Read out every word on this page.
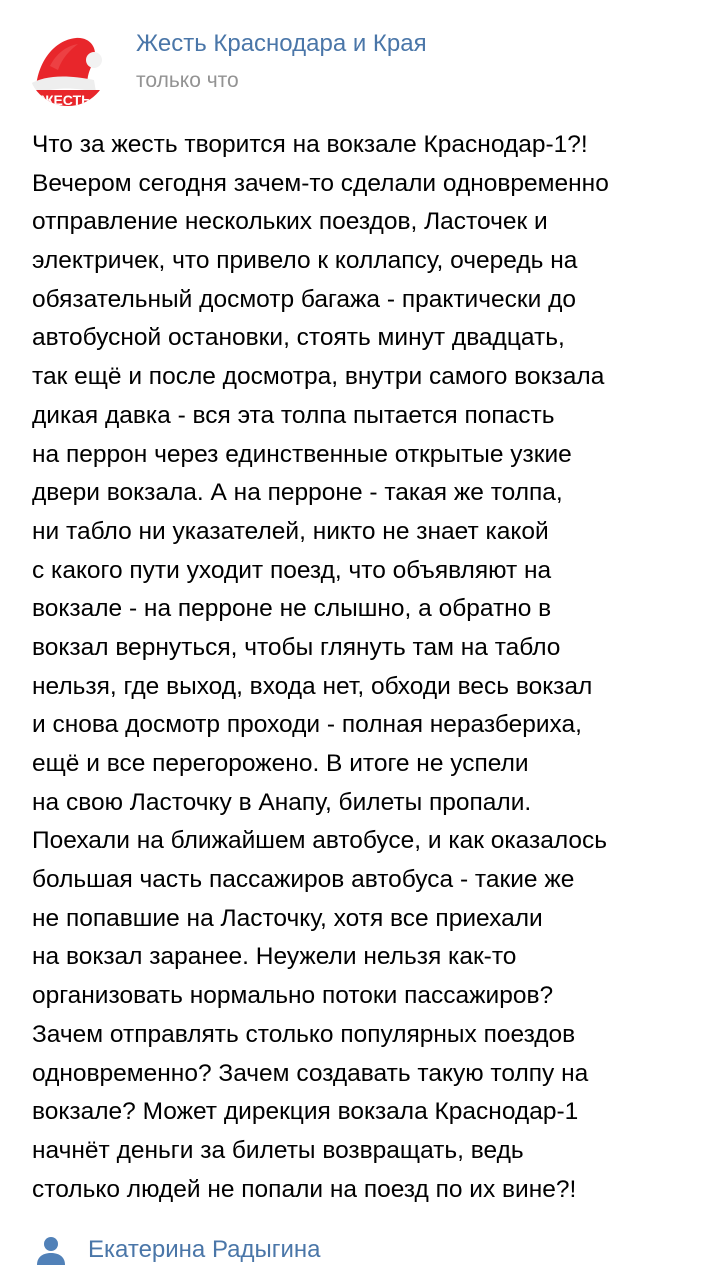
ЖЕСТЬ
Жесть Краснодара и Края
только что
Что за жесть творится на вокзале Краснодар-1?!
Вечером сегодня зачем-то сделали одновременно
отправление нескольких поездов, Ласточек и
электричек, что привело к коллапсу, очередь на
обязательный досмотр багажа - практически до
автобусной остановки, стоять минут двадцать,
так ещё и после досмотра, внутри самого вокзала
дикая давка - вся эта толпа пытается попасть
на перрон через единственные открытые узкие
двери вокзала. А на перроне - такая же толпа,
ни табло ни указателей, никто не знает какой
с какого пути уходит поезд, что объявляют на
вокзале - на перроне не слышно, а обратно в
вокзал вернуться, чтобы глянуть там на табло
нельзя, где выход, входа нет, обходи весь вокзал
и снова досмотр проходи - полная неразбериха,
ещё и все перегорожено. В итоге не успели
на свою Ласточку в Анапу, билеты пропали.
Поехали на ближайшем автобусе, и как оказалось
большая часть пассажиров автобуса - такие же
не попавшие на Ласточку, хотя все приехали
на вокзал заранее. Неужели нельзя как-то
организовать нормально потоки пассажиров?
Зачем отправлять столько популярных поездов
одновременно? Зачем создавать такую толпу на
вокзале? Может дирекция вокзала Краснодар-1
начнёт деньги за билеты возвращать, ведь
столько людей не попали на поезд по их вине?!
Екатерина Радыгина
